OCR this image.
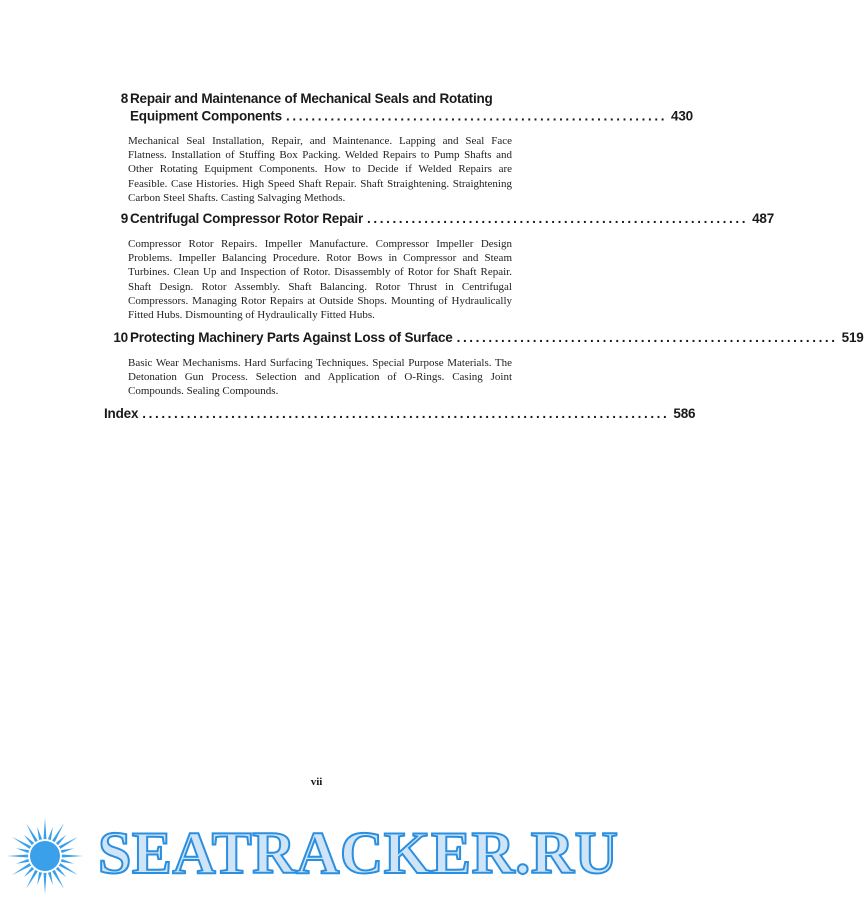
8 Repair and Maintenance of Mechanical Seals and Rotating
Equipment Components ............................................................ 430
Mechanical Seal Installation, Repair, and Maintenance. Lapping and Seal Face Flatness. Installation of Stuffing Box Packing. Welded Repairs to Pump Shafts and Other Rotating Equipment Components. How to Decide if Welded Repairs are Feasible. Case Histories. High Speed Shaft Repair. Shaft Straightening. Straightening Carbon Steel Shafts. Casting Salvaging Methods.
9 Centrifugal Compressor Rotor Repair ............................................................ 487
Compressor Rotor Repairs. Impeller Manufacture. Compressor Impeller Design Problems. Impeller Balancing Procedure. Rotor Bows in Compressor and Steam Turbines. Clean Up and Inspection of Rotor. Disassembly of Rotor for Shaft Repair. Shaft Design. Rotor Assembly. Shaft Balancing. Rotor Thrust in Centrifugal Compressors. Managing Rotor Repairs at Outside Shops. Mounting of Hydraulically Fitted Hubs. Dismounting of Hydraulically Fitted Hubs.
10 Protecting Machinery Parts Against Loss of Surface ............................................................ 519
Basic Wear Mechanisms. Hard Surfacing Techniques. Special Purpose Materials. The Detonation Gun Process. Selection and Application of O-Rings. Casing Joint Compounds. Sealing Compounds.
Index ................................................................................... 586
vii
SEATRACKER.RU
